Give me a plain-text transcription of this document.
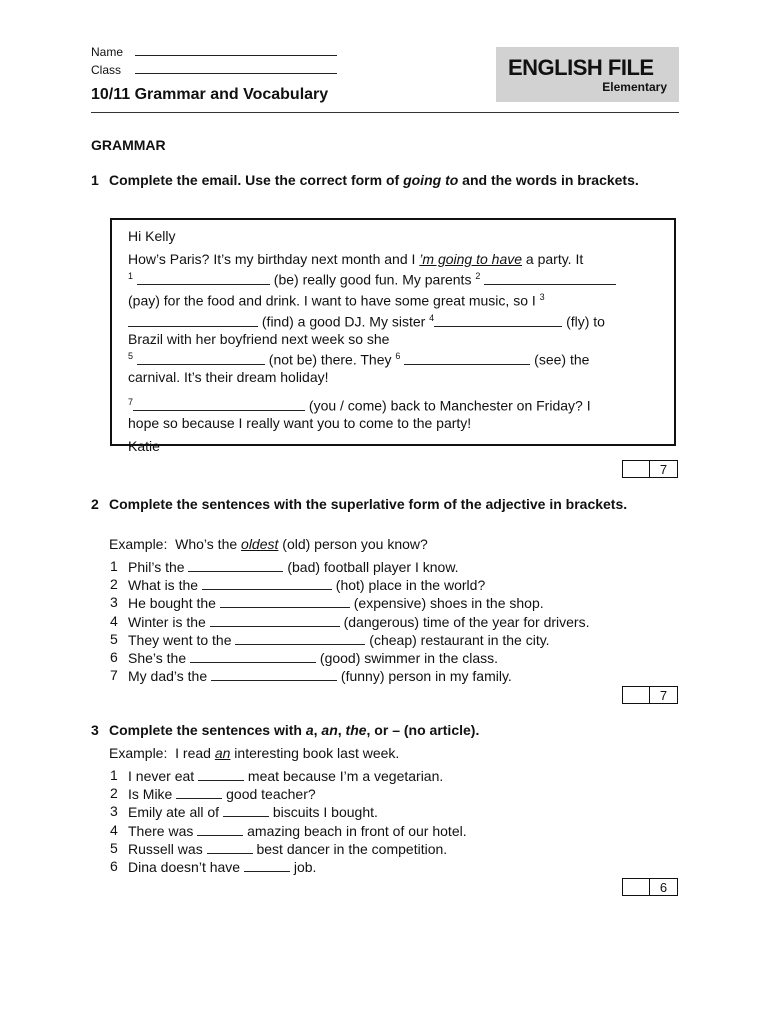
Name
Class
10/11 Grammar and Vocabulary
ENGLISH FILE
Elementary
GRAMMAR
1 Complete the email. Use the correct form of going to and the words in brackets.

Hi Kelly

How’s Paris? It’s my birthday next month and I ’m going to have a party. It

$^1$	(be) really good fun. My parents $^2$

(pay) for the food and drink. I want to have some great music, so I $^3$

(find) a good DJ. My sister $^4$	(fly) to

Brazil with her boyfriend next week so she

$^5$	(not be) there. They $^6$	(see) the

carnival. It’s their dream holiday!

$^7$	(you / come) back to Manchester on Friday? I

hope so because I really want you to come to the party!

Katie

7
2 Complete the sentences with the superlative form of the adjective in brackets.
Example: Who’s the oldest (old) person you know?
1 Phil’s the	(bad) football player I know.
2 What is the	(hot) place in the world?
3 He bought the	(expensive) shoes in the shop.
4 Winter is the	(dangerous) time of the year for drivers.
5 They went to the	(cheap) restaurant in the city.
6 She’s the	(good) swimmer in the class.
7 My dad’s the	(funny) person in my family.
7
3 Complete the sentences with a, an, the, or – (no article).
Example: I read an interesting book last week.
1 I never eat	meat because I’m a vegetarian.
2 Is Mike	good teacher?
3 Emily ate all of	biscuits I bought.
4 There was	amazing beach in front of our hotel.
5 Russell was	best dancer in the competition.
6 Dina doesn’t have	job.
6
